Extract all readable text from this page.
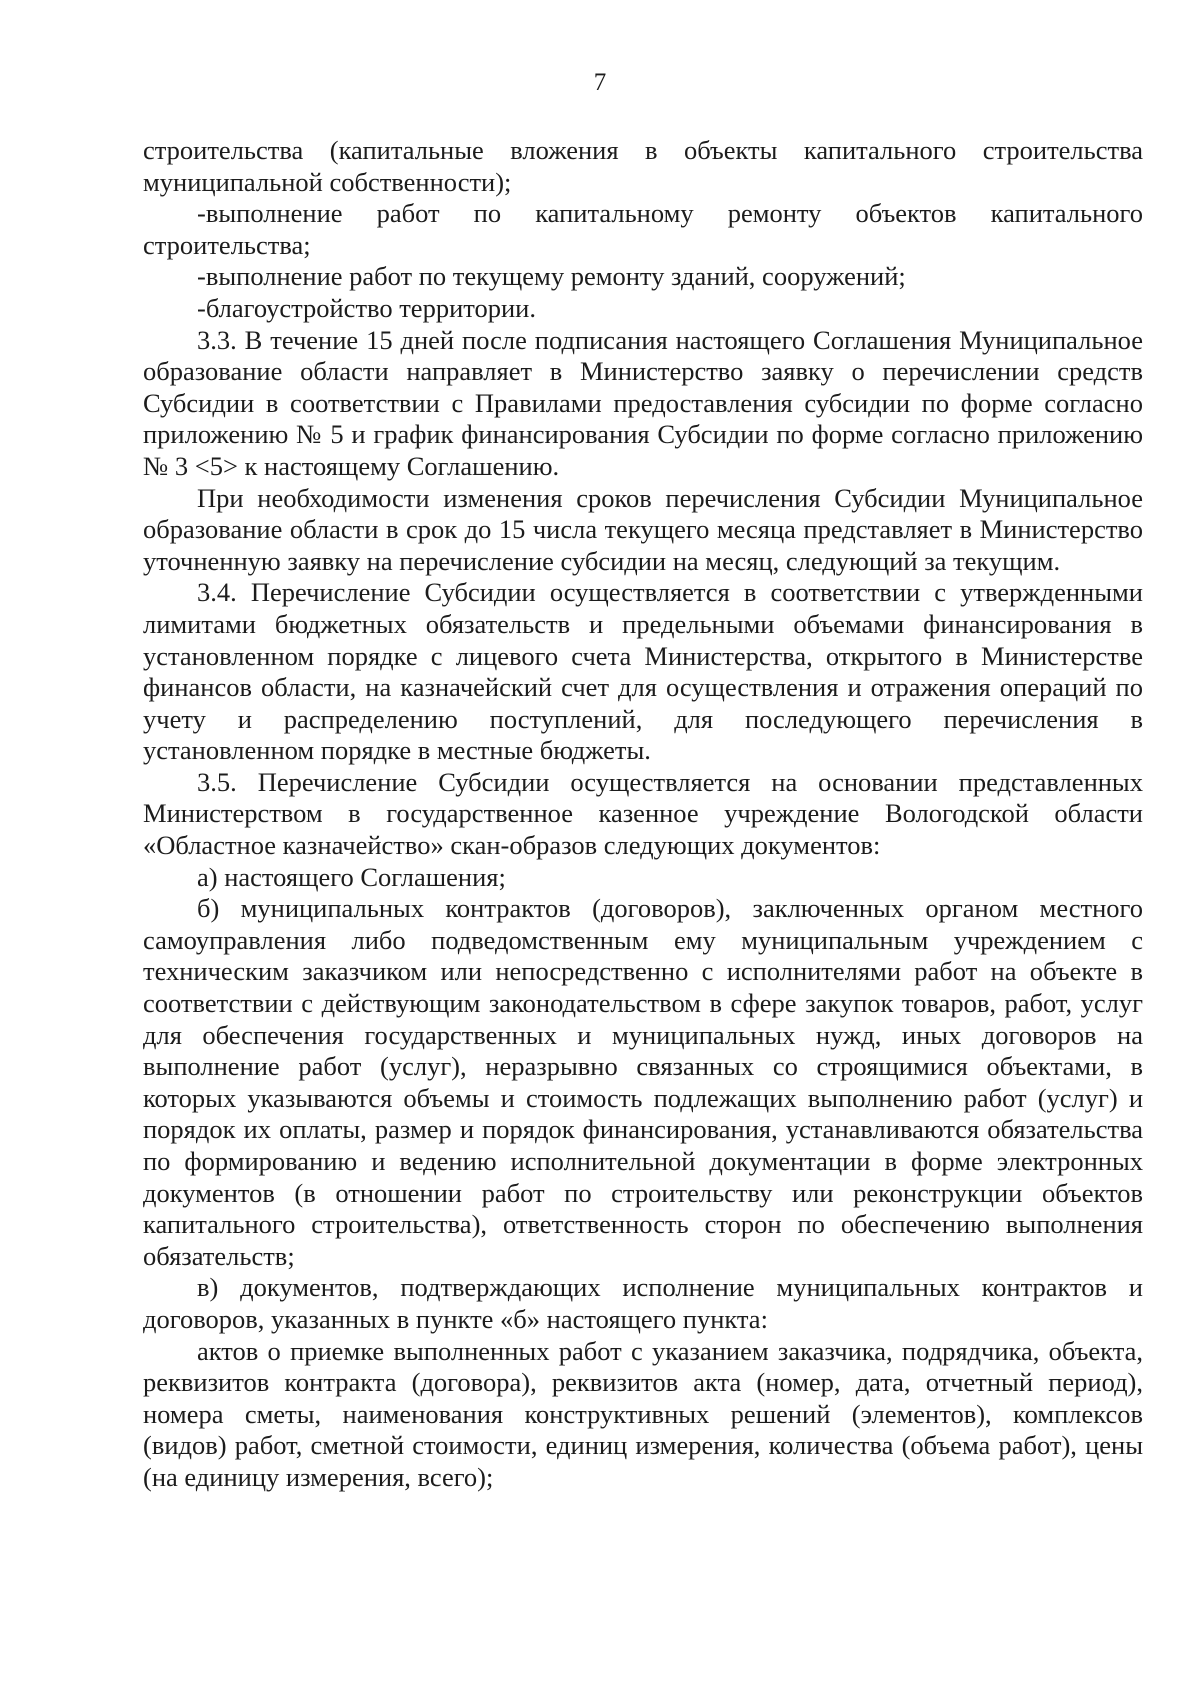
7

строительства (капитальные вложения в объекты капитального строительства муниципальной собственности);

-выполнение работ по капитальному ремонту объектов капитального строительства;

-выполнение работ по текущему ремонту зданий, сооружений;

-благоустройство территории.

3.3. В течение 15 дней после подписания настоящего Соглашения Муниципальное образование области направляет в Министерство заявку о перечислении средств Субсидии в соответствии с Правилами предоставления субсидии по форме согласно приложению № 5 и график финансирования Субсидии по форме согласно приложению № 3 <5> к настоящему Соглашению.

При необходимости изменения сроков перечисления Субсидии Муниципальное образование области в срок до 15 числа текущего месяца представляет в Министерство уточненную заявку на перечисление субсидии на месяц, следующий за текущим.

3.4. Перечисление Субсидии осуществляется в соответствии с утвержденными лимитами бюджетных обязательств и предельными объемами финансирования в установленном порядке с лицевого счета Министерства, открытого в Министерстве финансов области, на казначейский счет для осуществления и отражения операций по учету и распределению поступлений, для последующего перечисления в установленном порядке в местные бюджеты.

3.5. Перечисление Субсидии осуществляется на основании представленных Министерством в государственное казенное учреждение Вологодской области «Областное казначейство» скан-образов следующих документов:

а) настоящего Соглашения;

б) муниципальных контрактов (договоров), заключенных органом местного самоуправления либо подведомственным ему муниципальным учреждением с техническим заказчиком или непосредственно с исполнителями работ на объекте в соответствии с действующим законодательством в сфере закупок товаров, работ, услуг для обеспечения государственных и муниципальных нужд, иных договоров на выполнение работ (услуг), неразрывно связанных со строящимися объектами, в которых указываются объемы и стоимость подлежащих выполнению работ (услуг) и порядок их оплаты, размер и порядок финансирования, устанавливаются обязательства по формированию и ведению исполнительной документации в форме электронных документов (в отношении работ по строительству или реконструкции объектов капитального строительства), ответственность сторон по обеспечению выполнения обязательств;

в) документов, подтверждающих исполнение муниципальных контрактов и договоров, указанных в пункте «б» настоящего пункта:

актов о приемке выполненных работ с указанием заказчика, подрядчика, объекта, реквизитов контракта (договора), реквизитов акта (номер, дата, отчетный период), номера сметы, наименования конструктивных решений (элементов), комплексов (видов) работ, сметной стоимости, единиц измерения, количества (объема работ), цены (на единицу измерения, всего);
